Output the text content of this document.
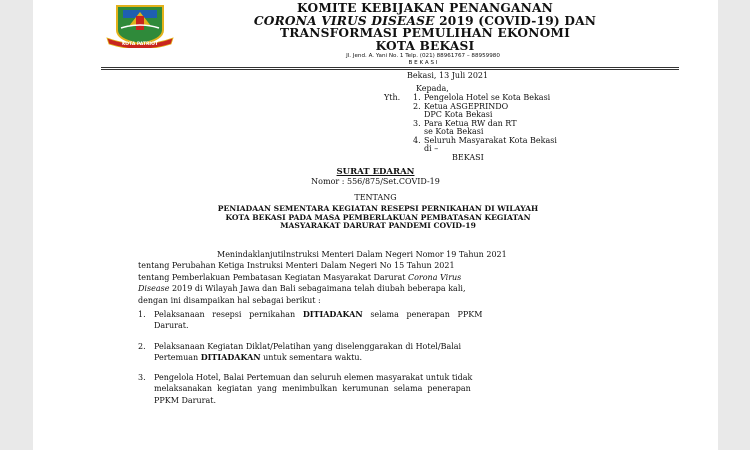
KOTA PATRIOT
KOMITE KEBIJAKAN PENANGANAN
CORONA VIRUS DISEASE 2019 (COVID-19) DAN
TRANSFORMASI PEMULIHAN EKONOMI
KOTA BEKASI
Jl. Jend. A. Yani No. 1 Telp. (021) 88961767 – 88959980
B E K A S I
Bekasi, 13 Juli 2021
Kepada,
Yth. 1. Pengelola Hotel se Kota Bekasi
2. Ketua ASGEPRINDO
DPC Kota Bekasi
3. Para Ketua RW dan RT
se Kota Bekasi
4. Seluruh Masyarakat Kota Bekasi
di –
BEKASI
SURAT EDARAN
Nomor : 556/875/Set.COVID-19
TENTANG
PENIADAAN SEMENTARA KEGIATAN RESEPSI PERNIKAHAN DI WILAYAH
KOTA BEKASI PADA MASA PEMBERLAKUAN PEMBATASAN KEGIATAN
MASYARAKAT DARURAT PANDEMI COVID-19
Menindaklanjutilnstruksi Menteri Dalam Negeri Nomor 19 Tahun 2021
tentang Perubahan Ketiga Instruksi Menteri Dalam Negeri No 15 Tahun 2021
tentang Pemberlakuan Pembatasan Kegiatan Masyarakat Darurat Corona Virus
Disease 2019 di Wilayah Jawa dan Bali sebagaimana telah diubah beberapa kali,
dengan ini disampaikan hal sebagai berikut :
1. Pelaksanaan   resepsi   pernikahan   DITIADAKAN   selama   penerapan   PPKM
Darurat.
2. Pelaksanaan Kegiatan Diklat/Pelatihan yang diselenggarakan di Hotel/Balai
Pertemuan DITIADAKAN untuk sementara waktu.
3. Pengelola Hotel, Balai Pertemuan dan seluruh elemen masyarakat untuk tidak
melaksanakan  kegiatan  yang  menimbulkan  kerumunan  selama  penerapan
PPKM Darurat.
